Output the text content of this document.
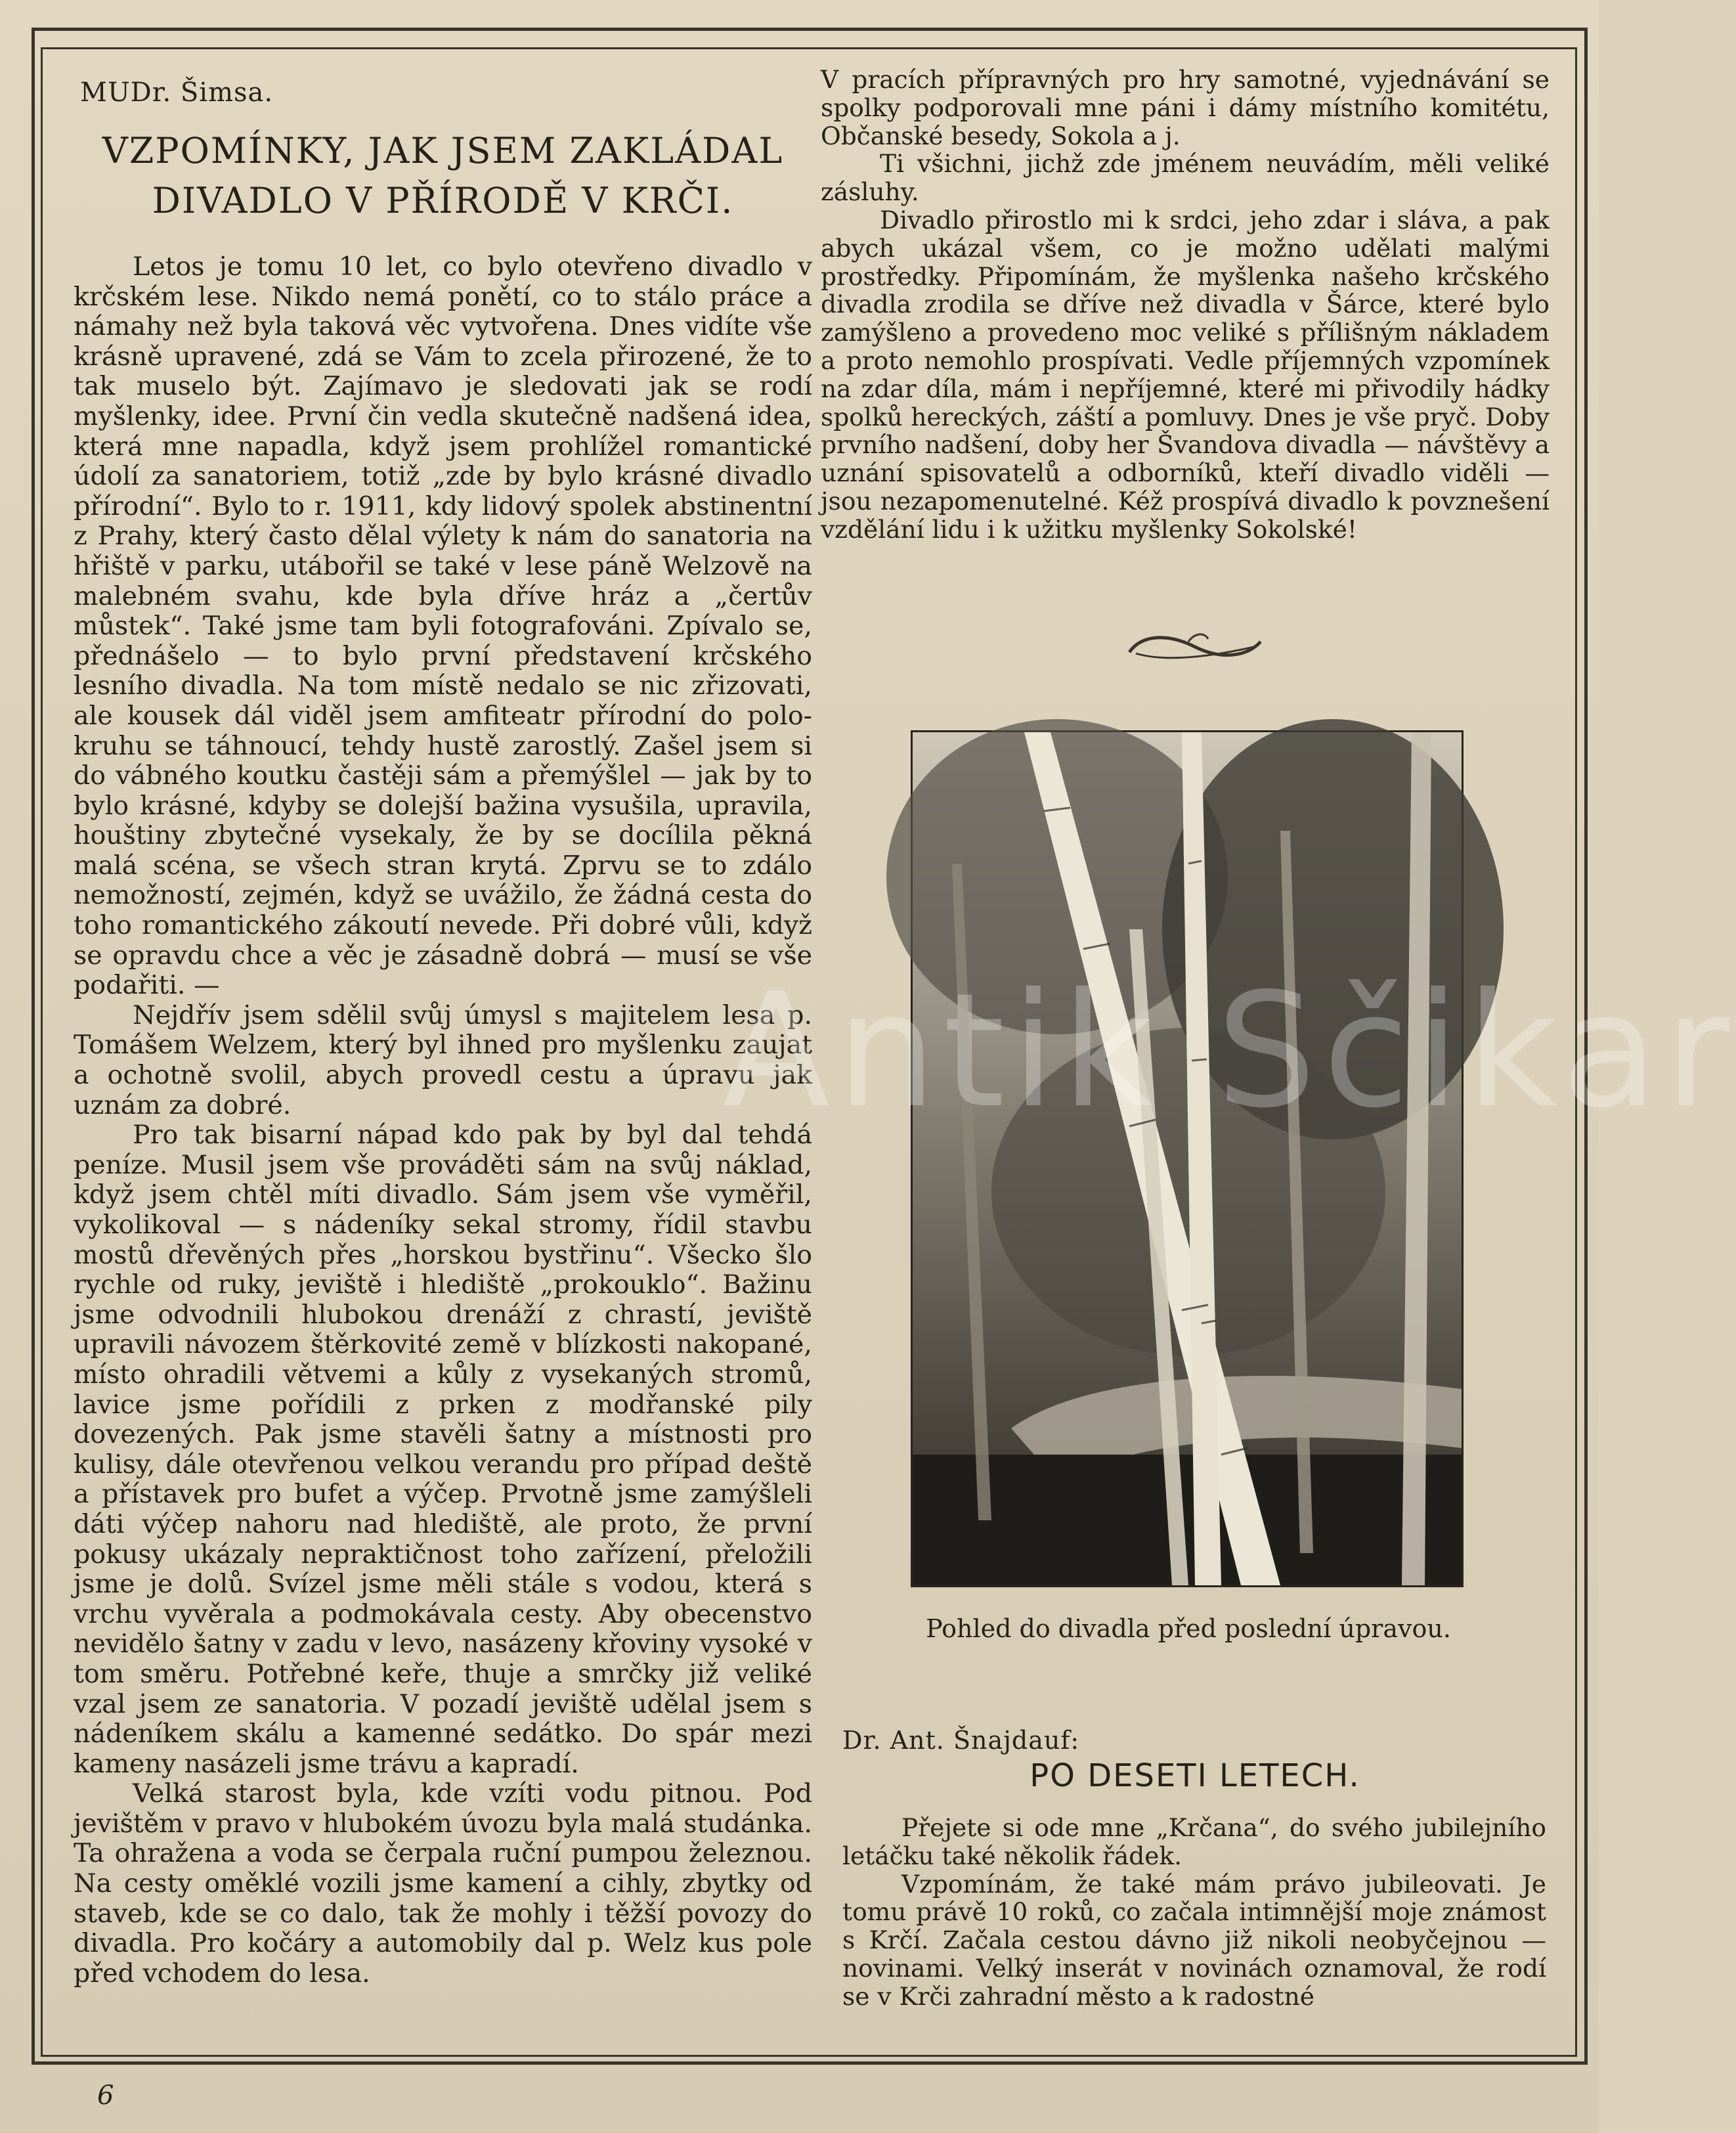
MUDr. Šimsa.
VZPOMÍNKY, JAK JSEM ZAKLÁDAL
DIVADLO V PŘÍRODĚ V KRČI.

Letos je tomu 10 let, co bylo otevřeno divadlo v krčském lese. Nikdo nemá ponětí, co to stálo práce a námahy než byla taková věc vytvořena. Dnes vidíte vše krásně upravené, zdá se Vám to zcela přirozené, že to tak muselo být. Zajímavo je sledovati jak se rodí myšlenky, idee. První čin vedla skutečně nadšená idea, která mne napadla, když jsem prohlížel romantické údolí za sanatoriem, totiž „zde by bylo krásné divadlo přírodní“. Bylo to r. 1911, kdy lidový spolek abstinentní z Prahy, který často dělal výlety k nám do sanatoria na hřiště v parku, utábořil se také v lese páně Welzově na malebném svahu, kde byla dříve hráz a „čertův můstek“. Také jsme tam byli fotografováni. Zpívalo se, přednášelo — to bylo první představení krčského lesního divadla. Na tom místě nedalo se nic zřizovati, ale kousek dál viděl jsem amfiteatr přírodní do polokruhu se táhnoucí, tehdy hustě zarostlý. Zašel jsem si do vábného koutku častěji sám a přemýšlel — jak by to bylo krásné, kdyby se dolejší bažina vysušila, upravila, houštiny zbytečné vysekaly, že by se docílila pěkná malá scéna, se všech stran krytá. Zprvu se to zdálo nemožností, zejmén, když se uvážilo, že žádná cesta do toho romantického zákoutí nevede. Při dobré vůli, když se opravdu chce a věc je zásadně dobrá — musí se vše podařiti. —

Nejdřív jsem sdělil svůj úmysl s majitelem lesa p. Tomášem Welzem, který byl ihned pro myšlenku zaujat a ochotně svolil, abych provedl cestu a úpravu jak uznám za dobré.

Pro tak bisarní nápad kdo pak by byl dal tehdá peníze. Musil jsem vše prováděti sám na svůj náklad, když jsem chtěl míti divadlo. Sám jsem vše vyměřil, vykolikoval — s nádeníky sekal stromy, řídil stavbu mostů dřevěných přes „horskou bystřinu“. Všecko šlo rychle od ruky, jeviště i hlediště „prokouklo“. Bažinu jsme odvodnili hlubokou drenáží z chrastí, jeviště upravili návozem štěrkovité země v blízkosti nakopané, místo ohradili větvemi a kůly z vysekaných stromů, lavice jsme pořídili z prken z modřanské pily dovezených. Pak jsme stavěli šatny a místnosti pro kulisy, dále otevřenou velkou verandu pro případ deště a přístavek pro bufet a výčep. Prvotně jsme zamýšleli dáti výčep nahoru nad hlediště, ale proto, že první pokusy ukázaly nepraktičnost toho zařízení, přeložili jsme je dolů. Svízel jsme měli stále s vodou, která s vrchu vyvěrala a podmokávala cesty. Aby obecenstvo nevidělo šatny v zadu v levo, nasázeny křoviny vysoké v tom směru. Potřebné keře, thuje a smrčky již veliké vzal jsem ze sanatoria. V pozadí jeviště udělal jsem s nádeníkem skálu a kamenné sedátko. Do spár mezi kameny nasázeli jsme trávu a kapradí.

Velká starost byla, kde vzíti vodu pitnou. Pod jevištěm v pravo v hlubokém úvozu byla malá studánka. Ta ohražena a voda se čerpala ruční pumpou železnou. Na cesty oměklé vozili jsme kamení a cihly, zbytky od staveb, kde se co dalo, tak že mohly i těžší povozy do divadla. Pro kočáry a automobily dal p. Welz kus pole před vchodem do lesa.

V pracích přípravných pro hry samotné, vyjednávání se spolky podporovali mne páni i dámy místního komitétu, Občanské besedy, Sokola a j.

Ti všichni, jichž zde jménem neuvádím, měli veliké zásluhy.

Divadlo přirostlo mi k srdci, jeho zdar i sláva, a pak abych ukázal všem, co je možno udělati malými prostředky. Připomínám, že myšlenka našeho krčského divadla zrodila se dříve než divadla v Šárce, které bylo zamýšleno a provedeno moc veliké s přílišným nákladem a proto nemohlo prospívati. Vedle příjemných vzpomínek na zdar díla, mám i nepříjemné, které mi přivodily hádky spolků hereckých, záští a pomluvy. Dnes je vše pryč. Doby prvního nadšení, doby her Švandova divadla — návštěvy a uznání spisovatelů a odborníků, kteří divadlo viděli — jsou nezapomenutelné. Kéž prospívá divadlo k povznešení vzdělání lidu i k užitku myšlenky Sokolské!

Pohled do divadla před poslední úpravou.
Dr. Ant. Šnajdauf:
PO DESETI LETECH.

Přejete si ode mne „Krčana“, do svého jubilejního letáčku také několik řádek.

Vzpomínám, že také mám právo jubileovati. Je tomu právě 10 roků, co začala intimnější moje známost s Krčí. Začala cestou dávno již nikoli neobyčejnou — novinami. Velký inserát v novinách oznamoval, že rodí se v Krči zahradní město a k radostné

6
Antik Sčikar
